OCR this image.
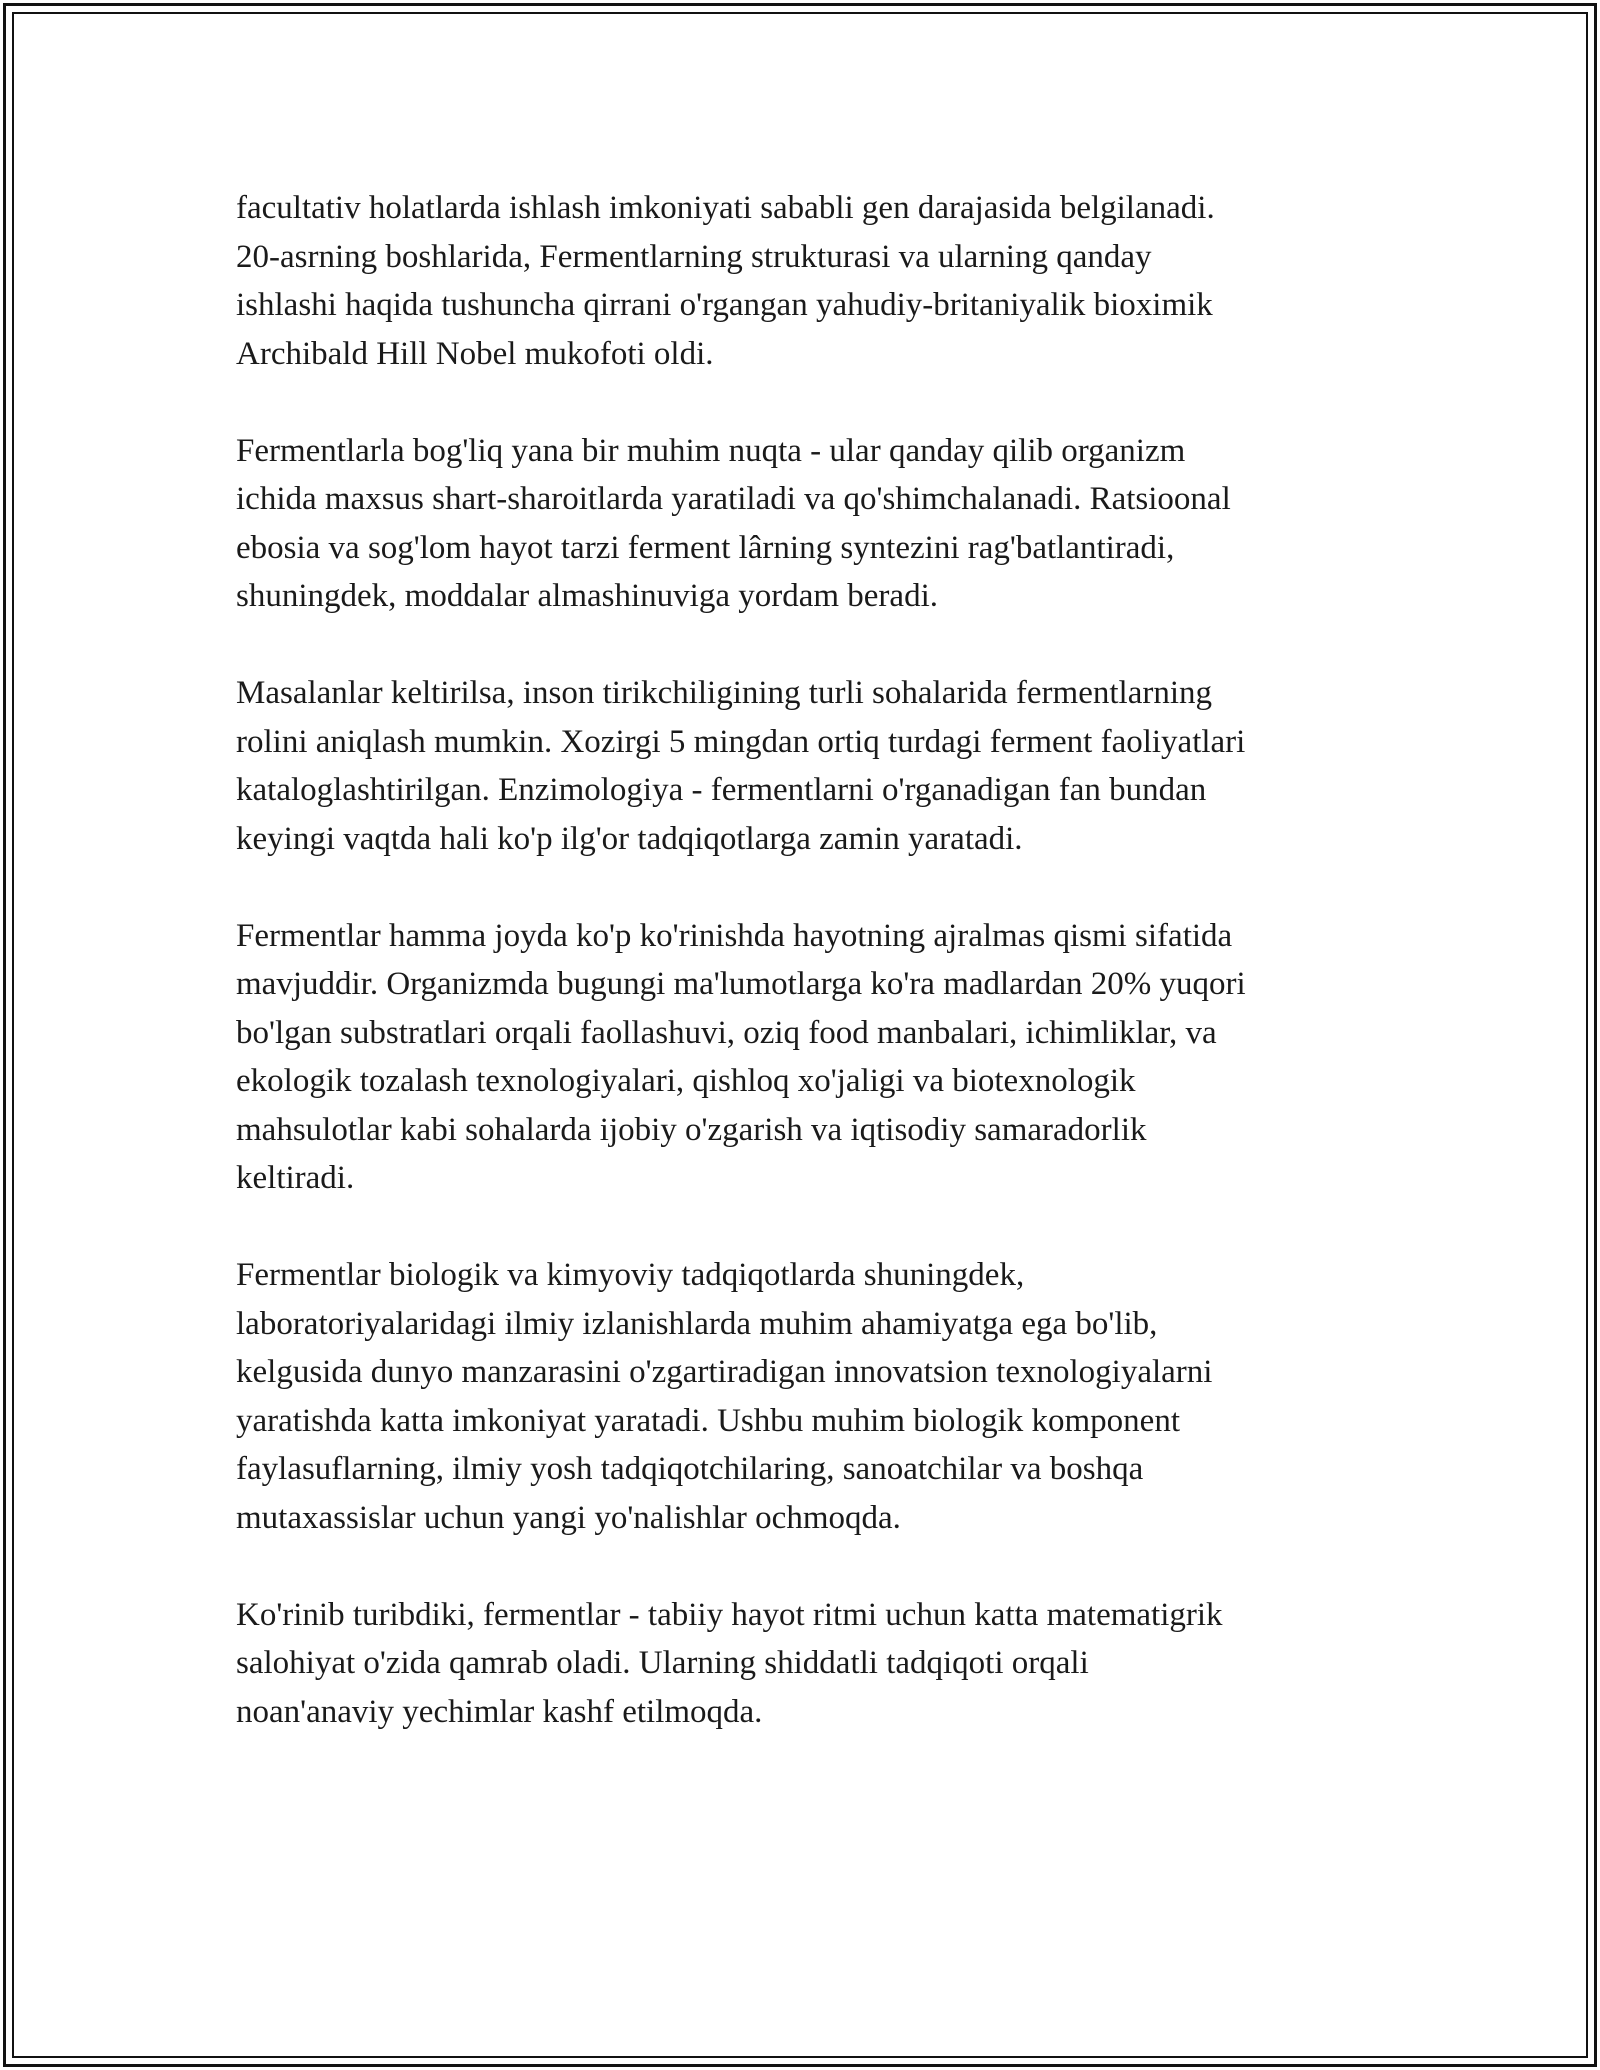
facultativ holatlarda ishlash imkoniyati sababli gen darajasida belgilanadi.
20-asrning boshlarida, Fermentlarning strukturasi va ularning qanday
ishlashi haqida tushuncha qirrani o'rgangan yahudiy-britaniyalik bioximik
Archibald Hill Nobel mukofoti oldi.

Fermentlarla bog'liq yana bir muhim nuqta - ular qanday qilib organizm
ichida maxsus shart-sharoitlarda yaratiladi va qo'shimchalanadi. Ratsioonal
ebosia va sog'lom hayot tarzi ferment lârning syntezini rag'batlantiradi,
shuningdek, moddalar almashinuviga yordam beradi.

Masalanlar keltirilsa, inson tirikchiligining turli sohalarida fermentlarning
rolini aniqlash mumkin. Xozirgi 5 mingdan ortiq turdagi ferment faoliyatlari
kataloglashtirilgan. Enzimologiya - fermentlarni o'rganadigan fan bundan
keyingi vaqtda hali ko'p ilg'or tadqiqotlarga zamin yaratadi.

Fermentlar hamma joyda ko'p ko'rinishda hayotning ajralmas qismi sifatida
mavjuddir. Organizmda bugungi ma'lumotlarga ko'ra madlardan 20% yuqori
bo'lgan substratlari orqali faollashuvi, oziq food manbalari, ichimliklar, va
ekologik tozalash texnologiyalari, qishloq xo'jaligi va biotexnologik
mahsulotlar kabi sohalarda ijobiy o'zgarish va iqtisodiy samaradorlik
keltiradi.

Fermentlar biologik va kimyoviy tadqiqotlarda shuningdek,
laboratoriyalaridagi ilmiy izlanishlarda muhim ahamiyatga ega bo'lib,
kelgusida dunyo manzarasini o'zgartiradigan innovatsion texnologiyalarni
yaratishda katta imkoniyat yaratadi. Ushbu muhim biologik komponent
faylasuflarning, ilmiy yosh tadqiqotchilaring, sanoatchilar va boshqa
mutaxassislar uchun yangi yo'nalishlar ochmoqda.

Ko'rinib turibdiki, fermentlar - tabiiy hayot ritmi uchun katta matematigrik
salohiyat o'zida qamrab oladi. Ularning shiddatli tadqiqoti orqali
noan'anaviy yechimlar kashf etilmoqda.
